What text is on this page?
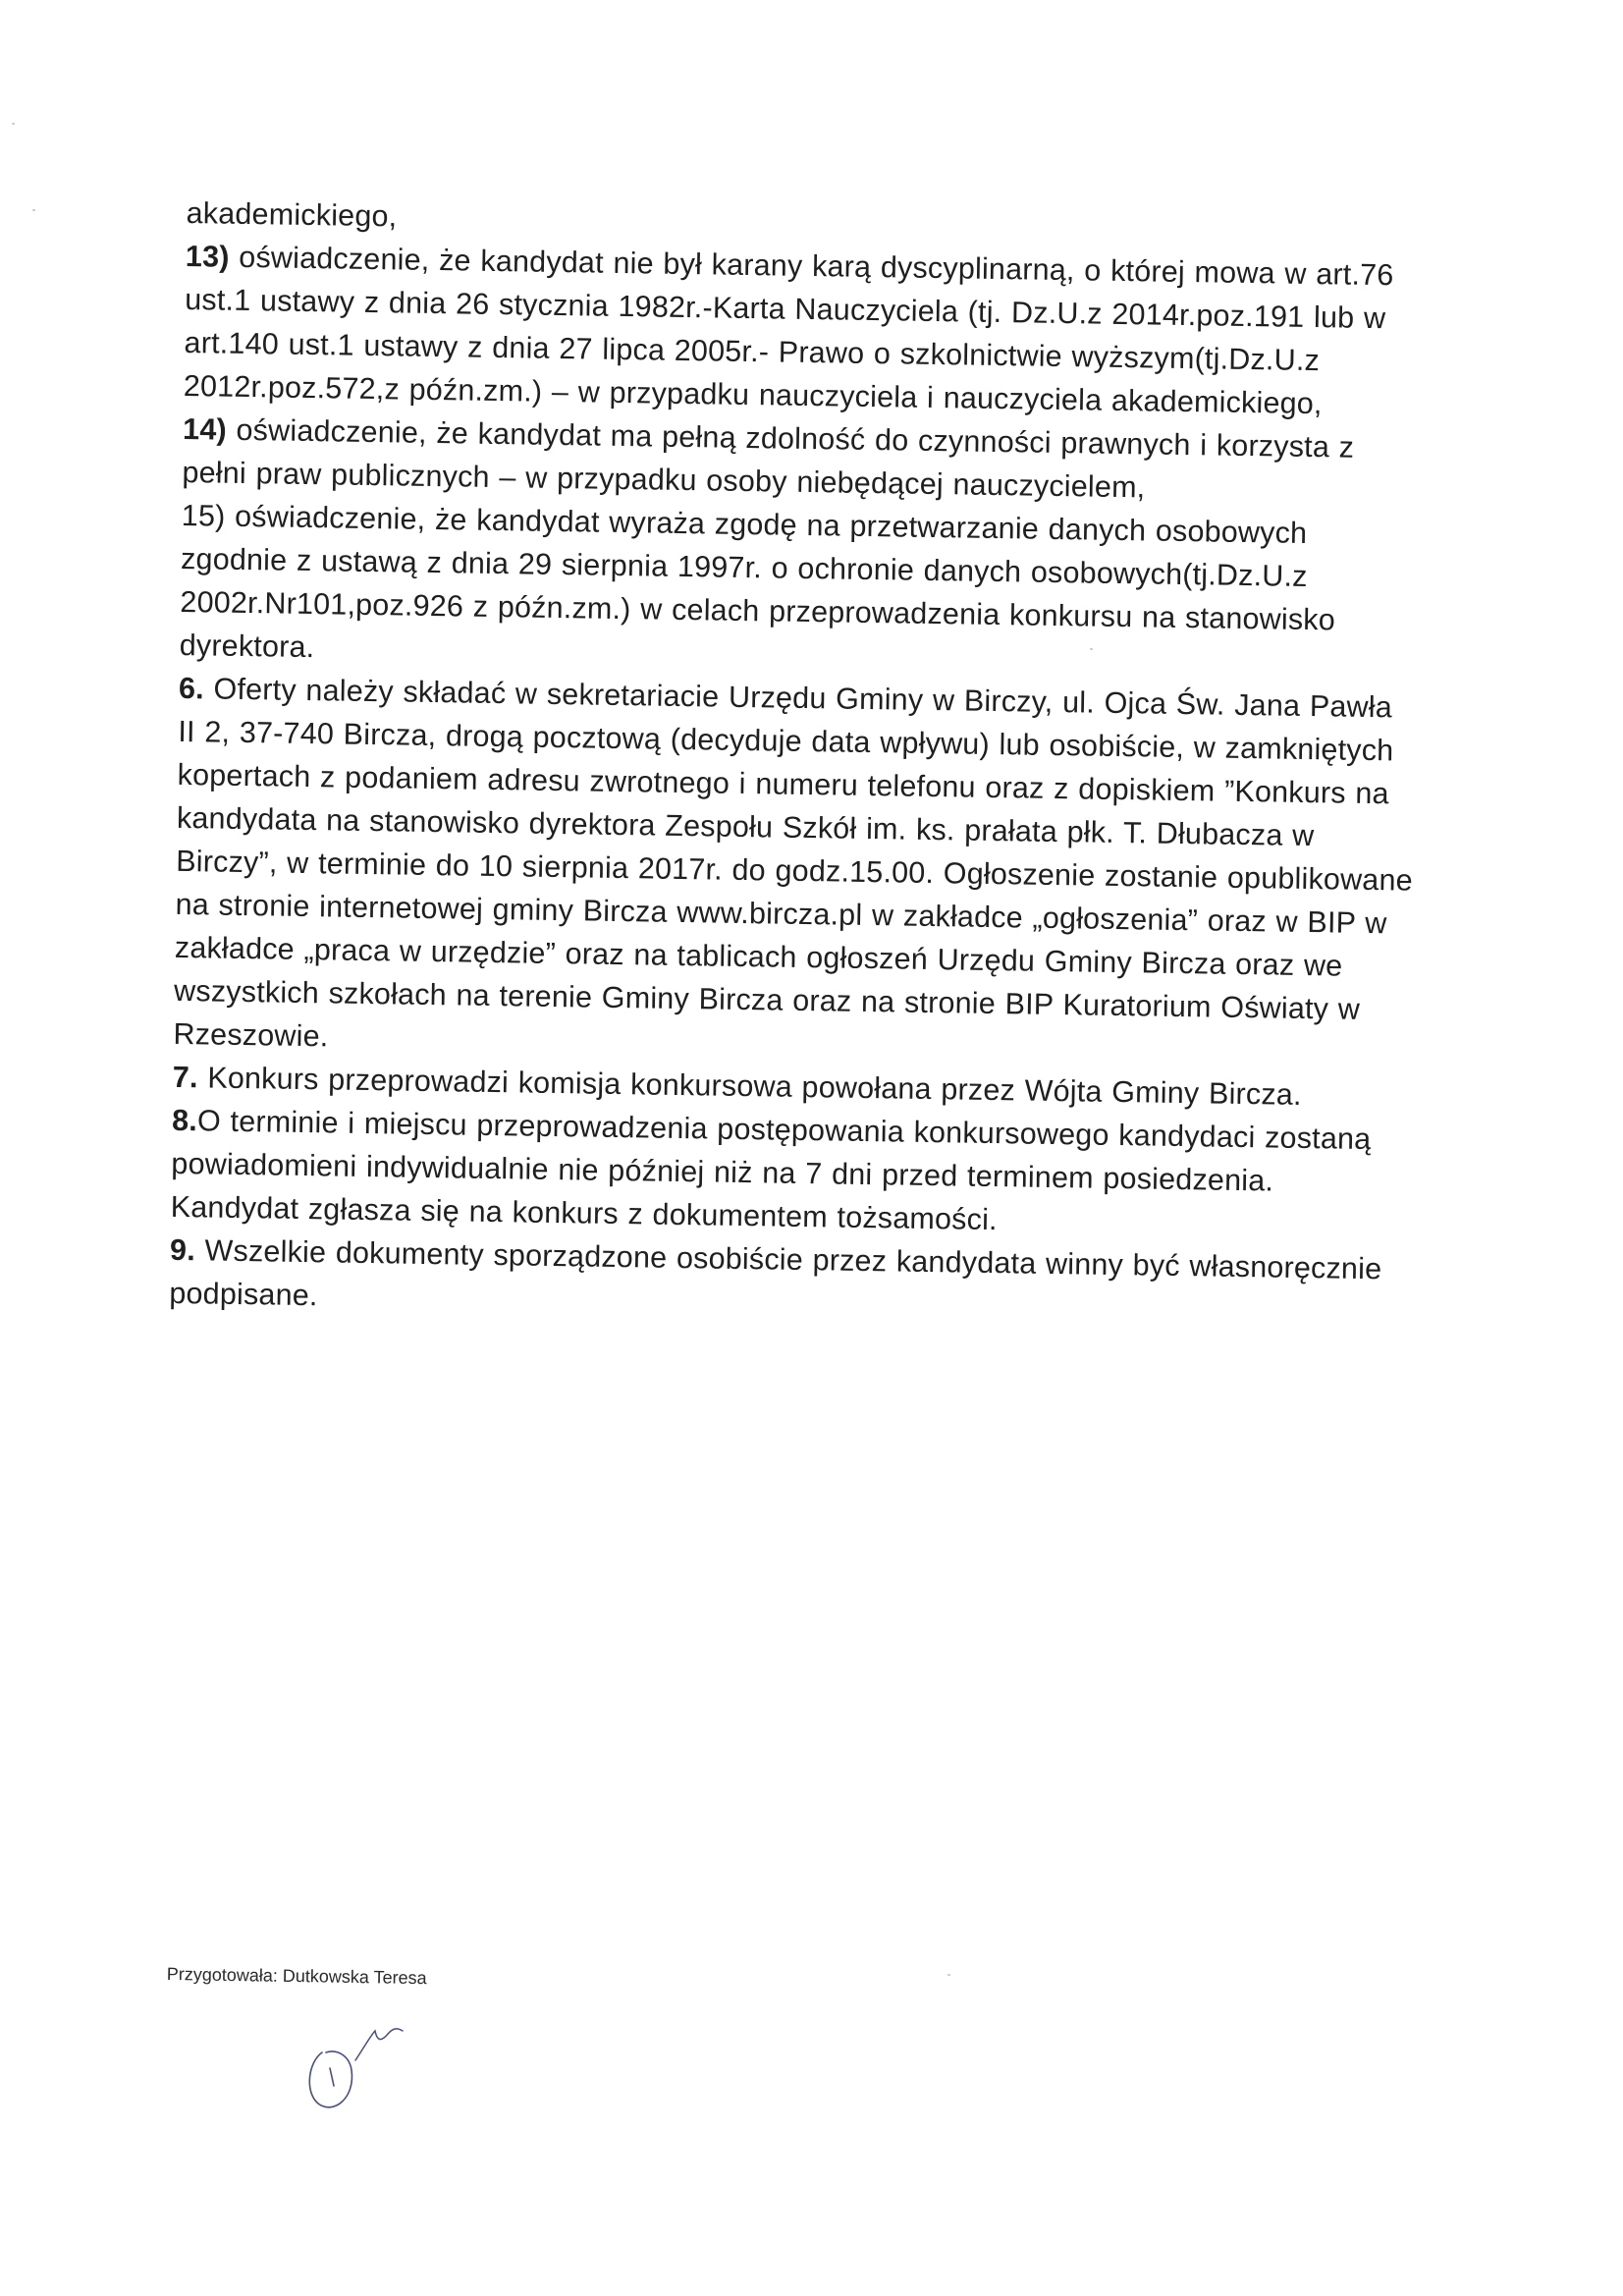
akademickiego,

13) oświadczenie, że kandydat nie był karany karą dyscyplinarną, o której mowa w art.76 ust.1 ustawy z dnia 26 stycznia 1982r.-Karta Nauczyciela (tj. Dz.U.z 2014r.poz.191 lub w art.140 ust.1 ustawy z dnia 27 lipca 2005r.- Prawo o szkolnictwie wyższym(tj.Dz.U.z 2012r.poz.572,z późn.zm.) – w przypadku nauczyciela i nauczyciela akademickiego,

14) oświadczenie, że kandydat ma pełną zdolność do czynności prawnych i korzysta z pełni praw publicznych – w przypadku osoby niebędącej nauczycielem,

15) oświadczenie, że kandydat wyraża zgodę na przetwarzanie danych osobowych zgodnie z ustawą z dnia 29 sierpnia 1997r. o ochronie danych osobowych(tj.Dz.U.z 2002r.Nr101,poz.926 z późn.zm.) w celach przeprowadzenia konkursu na stanowisko dyrektora.

6. Oferty należy składać w sekretariacie Urzędu Gminy w Birczy, ul. Ojca Św. Jana Pawła II 2, 37-740 Bircza, drogą pocztową (decyduje data wpływu) lub osobiście, w zamkniętych kopertach z podaniem adresu zwrotnego i numeru telefonu oraz z dopiskiem ”Konkurs na kandydata na stanowisko dyrektora Zespołu Szkół im. ks. prałata płk. T. Dłubacza w Birczy”, w terminie do 10 sierpnia 2017r. do godz.15.00. Ogłoszenie zostanie opublikowane na stronie internetowej gminy Bircza www.bircza.pl w zakładce „ogłoszenia” oraz w BIP w zakładce „praca w urzędzie” oraz na tablicach ogłoszeń Urzędu Gminy Bircza oraz we wszystkich szkołach na terenie Gminy Bircza oraz na stronie BIP Kuratorium Oświaty w Rzeszowie.

7. Konkurs przeprowadzi komisja konkursowa powołana przez Wójta Gminy Bircza.

8.O terminie i miejscu przeprowadzenia postępowania konkursowego kandydaci zostaną powiadomieni indywidualnie nie później niż na 7 dni przed terminem posiedzenia. Kandydat zgłasza się na konkurs z dokumentem tożsamości.

9. Wszelkie dokumenty sporządzone osobiście przez kandydata winny być własnoręcznie podpisane.

Przygotowała: Dutkowska Teresa
